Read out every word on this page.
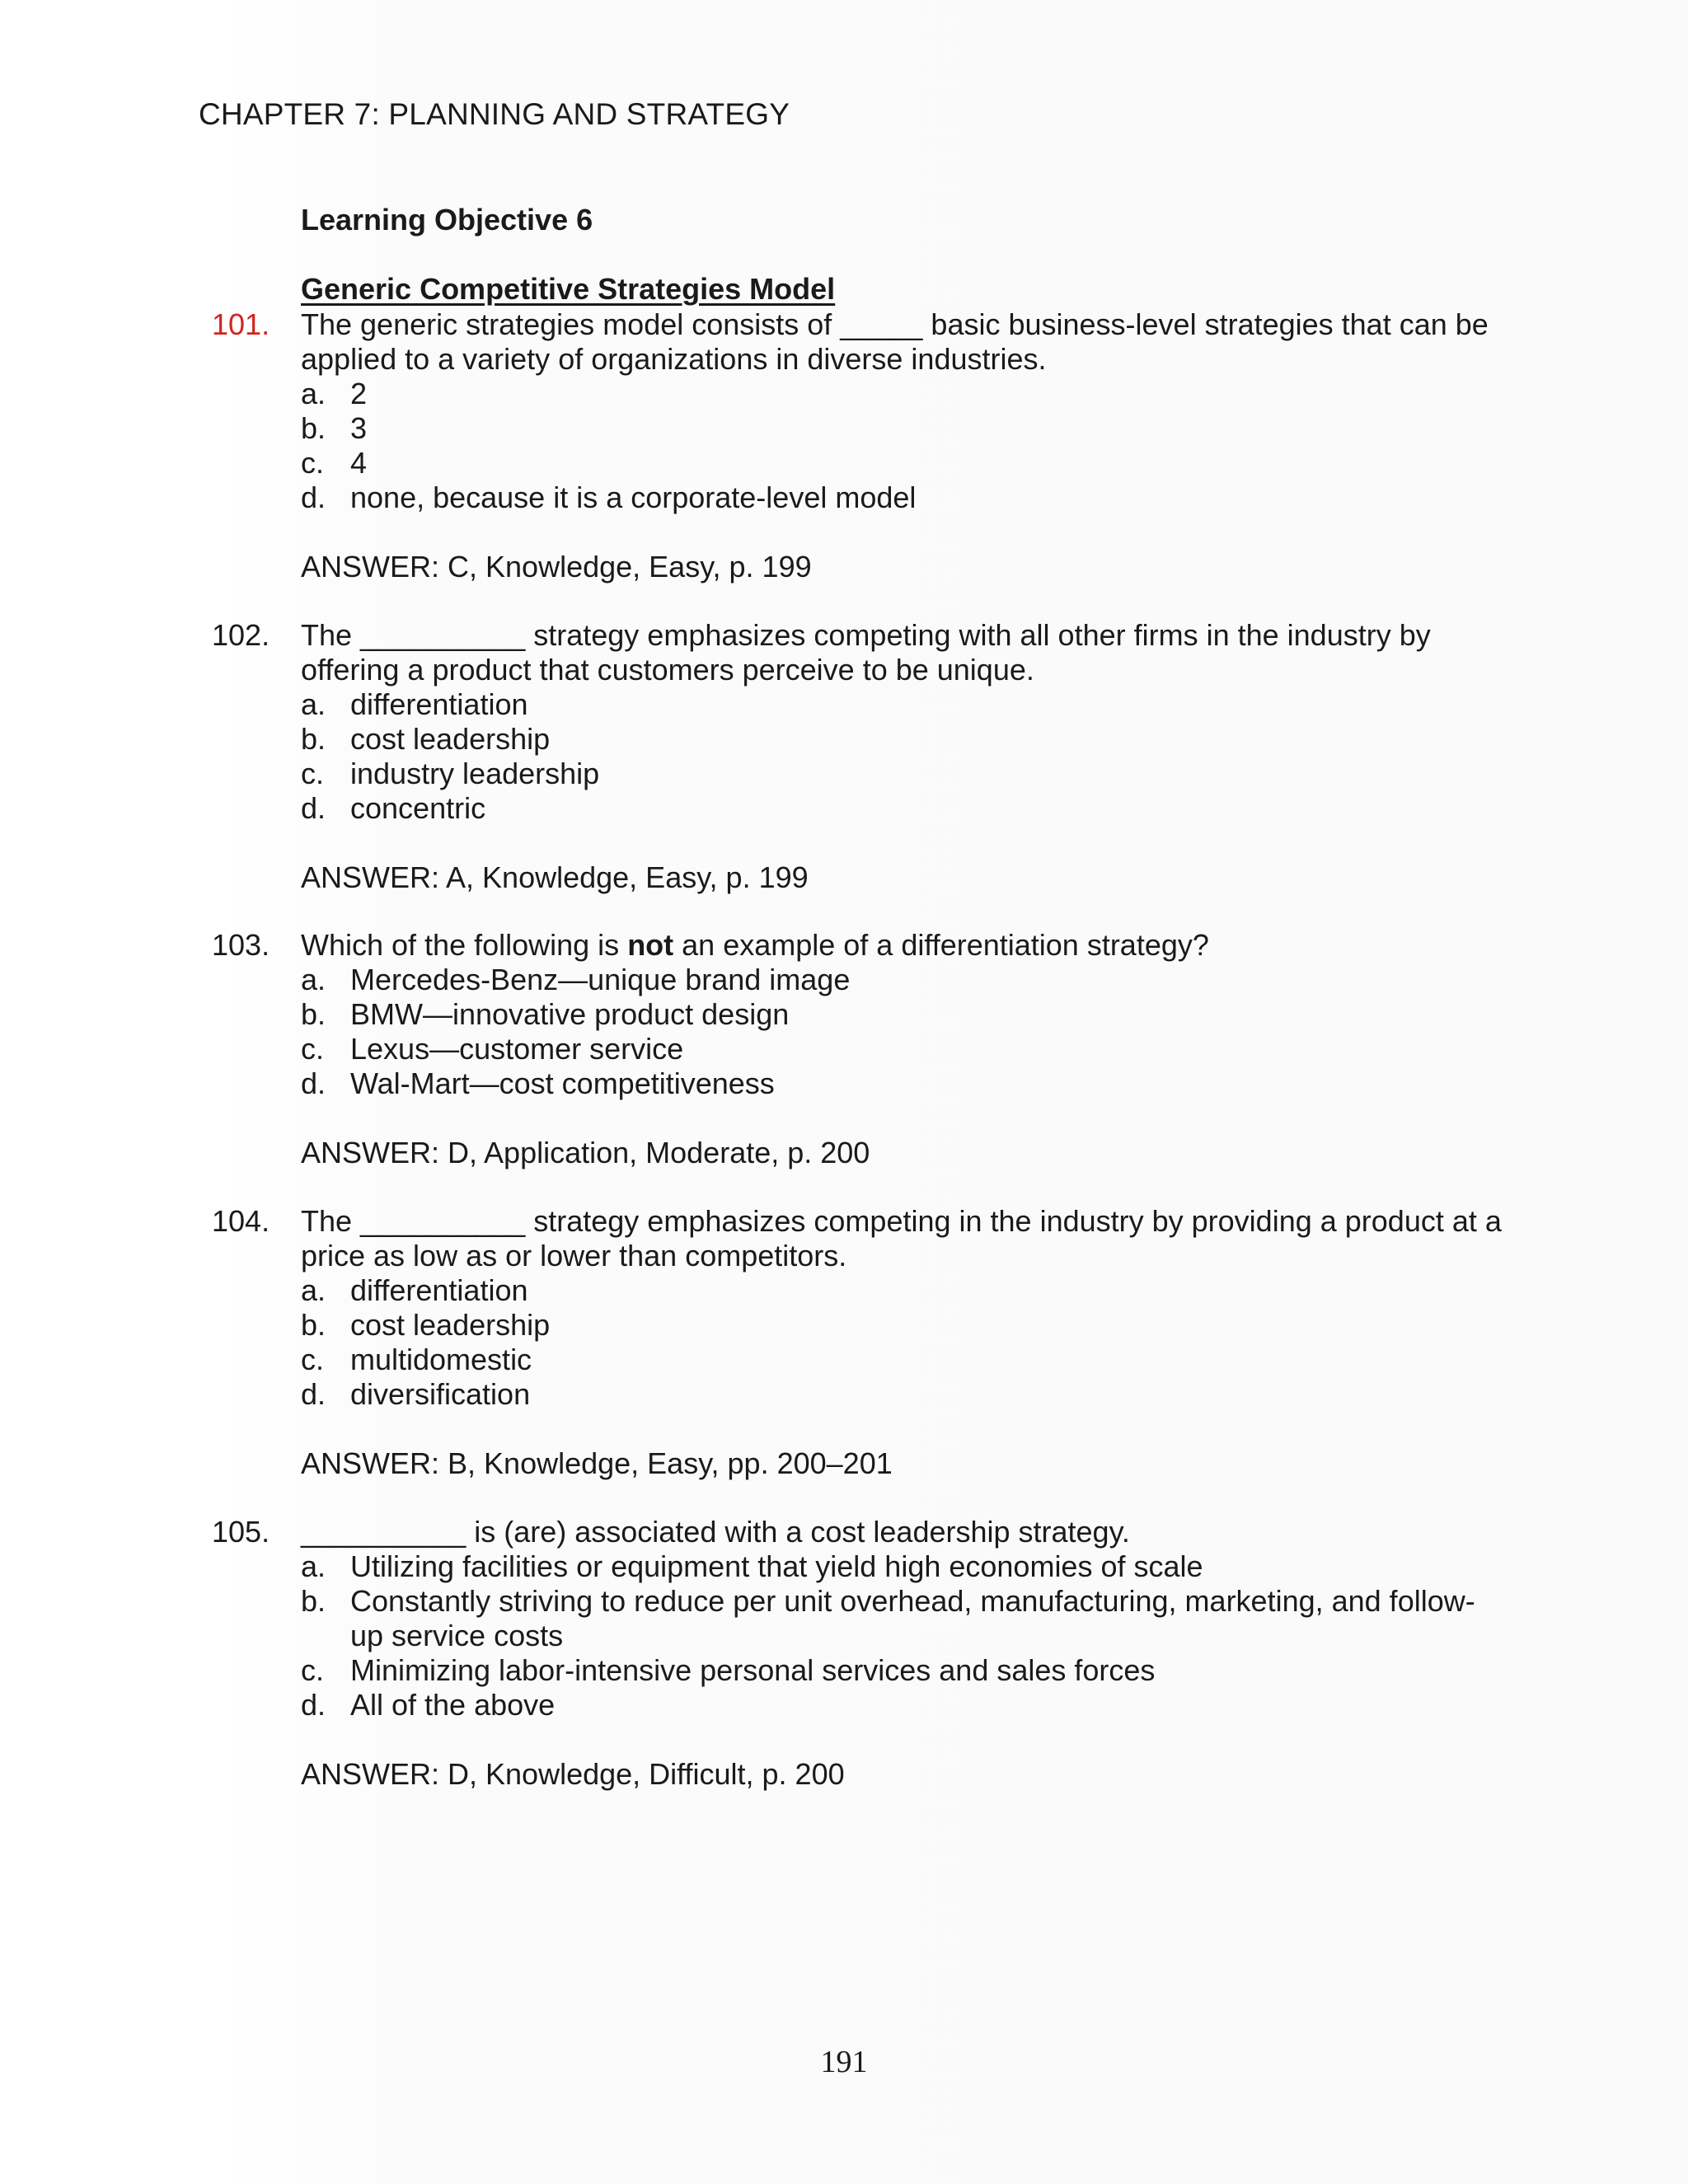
CHAPTER 7: PLANNING AND STRATEGY
Learning Objective 6
Generic Competitive Strategies Model
101. The generic strategies model consists of _____ basic business-level strategies that can be applied to a variety of organizations in diverse industries.
a. 2
b. 3
c. 4
d. none, because it is a corporate-level model
ANSWER: C, Knowledge, Easy, p. 199
102. The __________ strategy emphasizes competing with all other firms in the industry by offering a product that customers perceive to be unique.
a. differentiation
b. cost leadership
c. industry leadership
d. concentric
ANSWER: A, Knowledge, Easy, p. 199
103. Which of the following is not an example of a differentiation strategy?
a. Mercedes-Benz—unique brand image
b. BMW—innovative product design
c. Lexus—customer service
d. Wal-Mart—cost competitiveness
ANSWER: D, Application, Moderate, p. 200
104. The __________ strategy emphasizes competing in the industry by providing a product at a price as low as or lower than competitors.
a. differentiation
b. cost leadership
c. multidomestic
d. diversification
ANSWER: B, Knowledge, Easy, pp. 200–201
105. __________ is (are) associated with a cost leadership strategy.
a. Utilizing facilities or equipment that yield high economies of scale
b. Constantly striving to reduce per unit overhead, manufacturing, marketing, and follow-up service costs
c. Minimizing labor-intensive personal services and sales forces
d. All of the above
ANSWER: D, Knowledge, Difficult, p. 200
191
